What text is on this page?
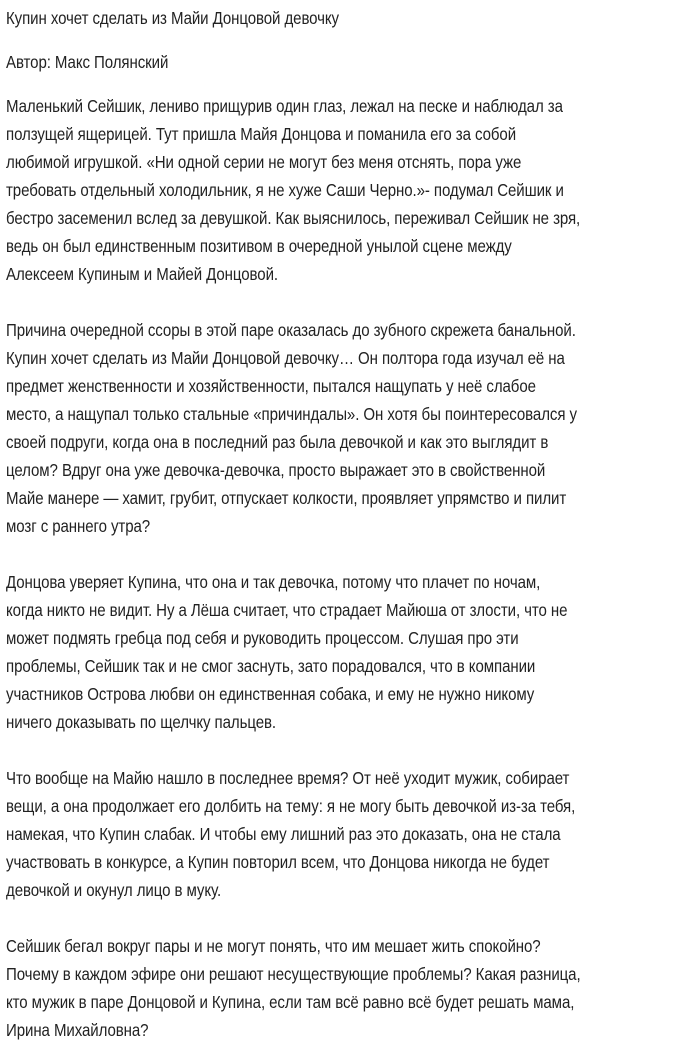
Купин хочет сделать из Майи Донцовой девочку
Автор: Макс Полянский
Маленький Сейшик, лениво прищурив один глаз, лежал на песке и наблюдал за
ползущей ящерицей. Тут пришла Майя Донцова и поманила его за собой
любимой игрушкой. «Ни одной серии не могут без меня отснять, пора уже
требовать отдельный холодильник, я не хуже Саши Черно.»- подумал Сейшик и
бестро засеменил вслед за девушкой. Как выяснилось, переживал Сейшик не зря,
ведь он был единственным позитивом в очередной унылой сцене между
Алексеем Купиным и Майей Донцовой.
Причина очередной ссоры в этой паре оказалась до зубного скрежета банальной.
Купин хочет сделать из Майи Донцовой девочку… Он полтора года изучал её на
предмет женственности и хозяйственности, пытался нащупать у неё слабое
место, а нащупал только стальные «причиндалы». Он хотя бы поинтересовался у
своей подруги, когда она в последний раз была девочкой и как это выглядит в
целом? Вдруг она уже девочка-девочка, просто выражает это в свойственной
Майе манере — хамит, грубит, отпускает колкости, проявляет упрямство и пилит
мозг с раннего утра?
Донцова уверяет Купина, что она и так девочка, потому что плачет по ночам,
когда никто не видит. Ну а Лёша считает, что страдает Майюша от злости, что не
может подмять гребца под себя и руководить процессом. Слушая про эти
проблемы, Сейшик так и не смог заснуть, зато порадовался, что в компании
участников Острова любви он единственная собака, и ему не нужно никому
ничего доказывать по щелчку пальцев.
Что вообще на Майю нашло в последнее время? От неё уходит мужик, собирает
вещи, а она продолжает его долбить на тему: я не могу быть девочкой из-за тебя,
намекая, что Купин слабак. И чтобы ему лишний раз это доказать, она не стала
участвовать в конкурсе, а Купин повторил всем, что Донцова никогда не будет
девочкой и окунул лицо в муку.
Сейшик бегал вокруг пары и не могут понять, что им мешает жить спокойно?
Почему в каждом эфире они решают несуществующие проблемы? Какая разница,
кто мужик в паре Донцовой и Купина, если там всё равно всё будет решать мама,
Ирина Михайловна?
